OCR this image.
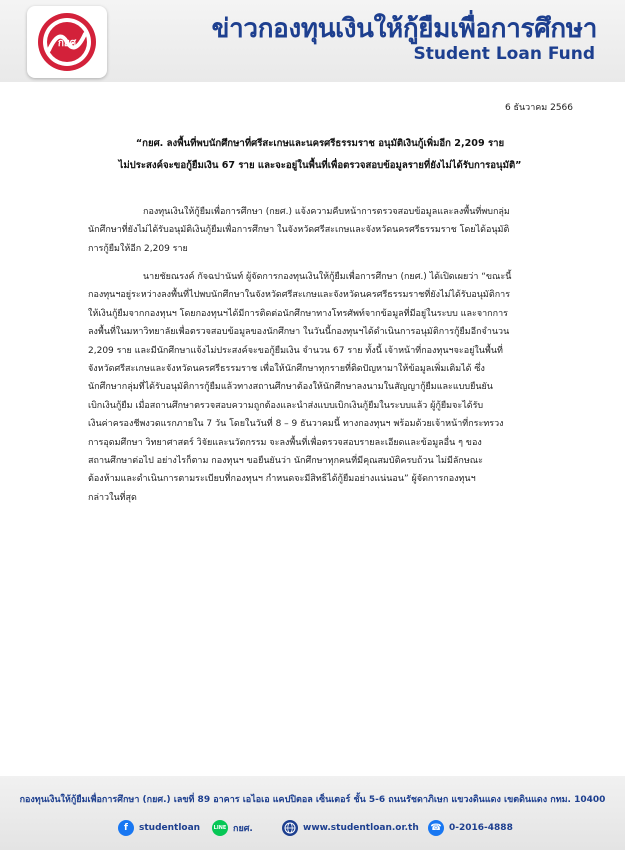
กยศ	ข่าวกองทุนเงินให้กู้ยืมเพื่อการศึกษา
Student Loan Fund
6 ธันวาคม 2566
“กยศ. ลงพื้นที่พบนักศึกษาที่ศรีสะเกษและนครศรีธรรมราช อนุมัติเงินกู้เพิ่มอีก 2,209 ราย
ไม่ประสงค์จะขอกู้ยืมเงิน 67 ราย และจะอยู่ในพื้นที่เพื่อตรวจสอบข้อมูลรายที่ยังไม่ได้รับการอนุมัติ”

กองทุนเงินให้กู้ยืมเพื่อการศึกษา (กยศ.) แจ้งความคืบหน้าการตรวจสอบข้อมูลและลงพื้นที่พบกลุ่ม

นักศึกษาที่ยังไม่ได้รับอนุมัติเงินกู้ยืมเพื่อการศึกษา ในจังหวัดศรีสะเกษและจังหวัดนครศรีธรรมราช โดยได้อนุมัติ

การกู้ยืมให้อีก 2,209 ราย

นายชัยณรงค์ กัจฉปานันท์ ผู้จัดการกองทุนเงินให้กู้ยืมเพื่อการศึกษา (กยศ.) ได้เปิดเผยว่า “ขณะนี้

กองทุนฯอยู่ระหว่างลงพื้นที่ไปพบนักศึกษาในจังหวัดศรีสะเกษและจังหวัดนครศรีธรรมราชที่ยังไม่ได้รับอนุมัติการ

ให้เงินกู้ยืมจากกองทุนฯ โดยกองทุนฯได้มีการติดต่อนักศึกษาทางโทรศัพท์จากข้อมูลที่มีอยู่ในระบบ และจากการ

ลงพื้นที่ในมหาวิทยาลัยเพื่อตรวจสอบข้อมูลของนักศึกษา ในวันนี้กองทุนฯได้ดำเนินการอนุมัติการกู้ยืมอีกจำนวน

2,209 ราย และมีนักศึกษาแจ้งไม่ประสงค์จะขอกู้ยืมเงิน จำนวน 67 ราย ทั้งนี้ เจ้าหน้าที่กองทุนฯจะอยู่ในพื้นที่

จังหวัดศรีสะเกษและจังหวัดนครศรีธรรมราช เพื่อให้นักศึกษาทุกรายที่ติดปัญหามาให้ข้อมูลเพิ่มเติมได้ ซึ่ง

นักศึกษากลุ่มที่ได้รับอนุมัติการกู้ยืมแล้วทางสถานศึกษาต้องให้นักศึกษาลงนามในสัญญากู้ยืมและแบบยืนยัน

เบิกเงินกู้ยืม เมื่อสถานศึกษาตรวจสอบความถูกต้องและนำส่งแบบเบิกเงินกู้ยืมในระบบแล้ว ผู้กู้ยืมจะได้รับ

เงินค่าครองชีพงวดแรกภายใน 7 วัน โดยในวันที่ 8 – 9 ธันวาคมนี้ ทางกองทุนฯ พร้อมด้วยเจ้าหน้าที่กระทรวง

การอุดมศึกษา วิทยาศาสตร์ วิจัยและนวัตกรรม จะลงพื้นที่เพื่อตรวจสอบรายละเอียดและข้อมูลอื่น ๆ ของ

สถานศึกษาต่อไป อย่างไรก็ตาม กองทุนฯ ขอยืนยันว่า นักศึกษาทุกคนที่มีคุณสมบัติครบถ้วน ไม่มีลักษณะ

ต้องห้ามและดำเนินการตามระเบียบที่กองทุนฯ กำหนดจะมีสิทธิได้กู้ยืมอย่างแน่นอน” ผู้จัดการกองทุนฯ

กล่าวในที่สุด

กองทุนเงินให้กู้ยืมเพื่อการศึกษา (กยศ.) เลขที่ 89 อาคาร เอไอเอ แคปปิตอล เซ็นเตอร์ ชั้น 5-6 ถนนรัชดาภิเษก แขวงดินแดง เขตดินแดง กทม. 10400
f	studentloan	LINE กยศ.	www.studentloan.or.th ☎ 0-2016-4888
